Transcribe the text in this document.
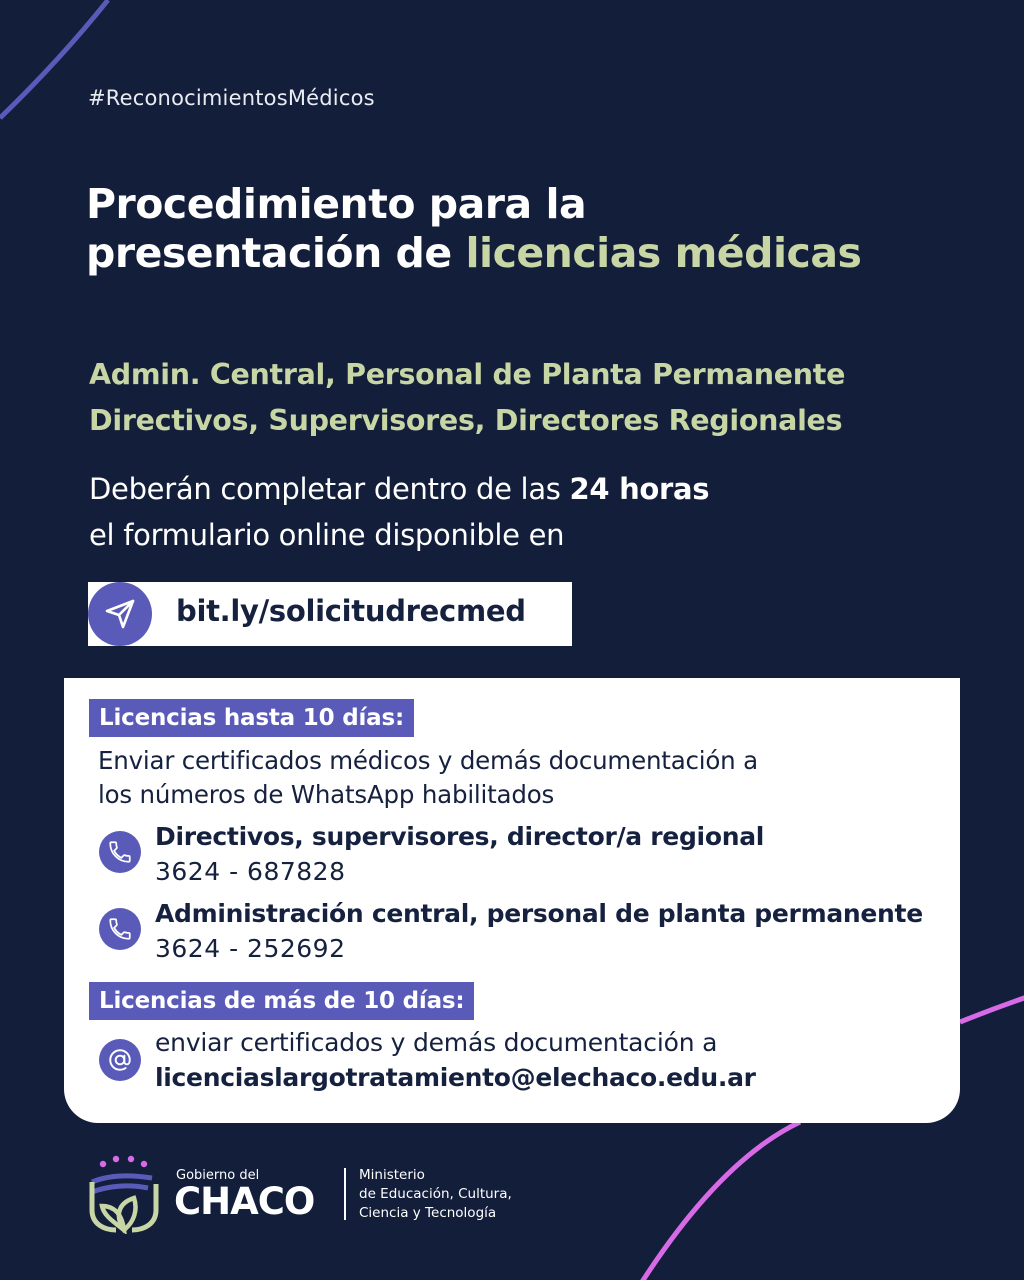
#ReconocimientosMédicos
Procedimiento para la
presentación de licencias médicas
Admin. Central, Personal de Planta Permanente
Directivos, Supervisores, Directores Regionales
Deberán completar dentro de las 24 horas
el formulario online disponible en
bit.ly/solicitudrecmed
Licencias hasta 10 días:
Enviar certificados médicos y demás documentación a
los números de WhatsApp habilitados
Directivos, supervisores, director/a regional
3624 - 687828
Administración central, personal de planta permanente
3624 - 252692
Licencias de más de 10 días:
enviar certificados y demás documentación a
licenciaslargotratamiento@elechaco.edu.ar
Gobierno del
CHACO
Ministerio
de Educación, Cultura,
Ciencia y Tecnología
